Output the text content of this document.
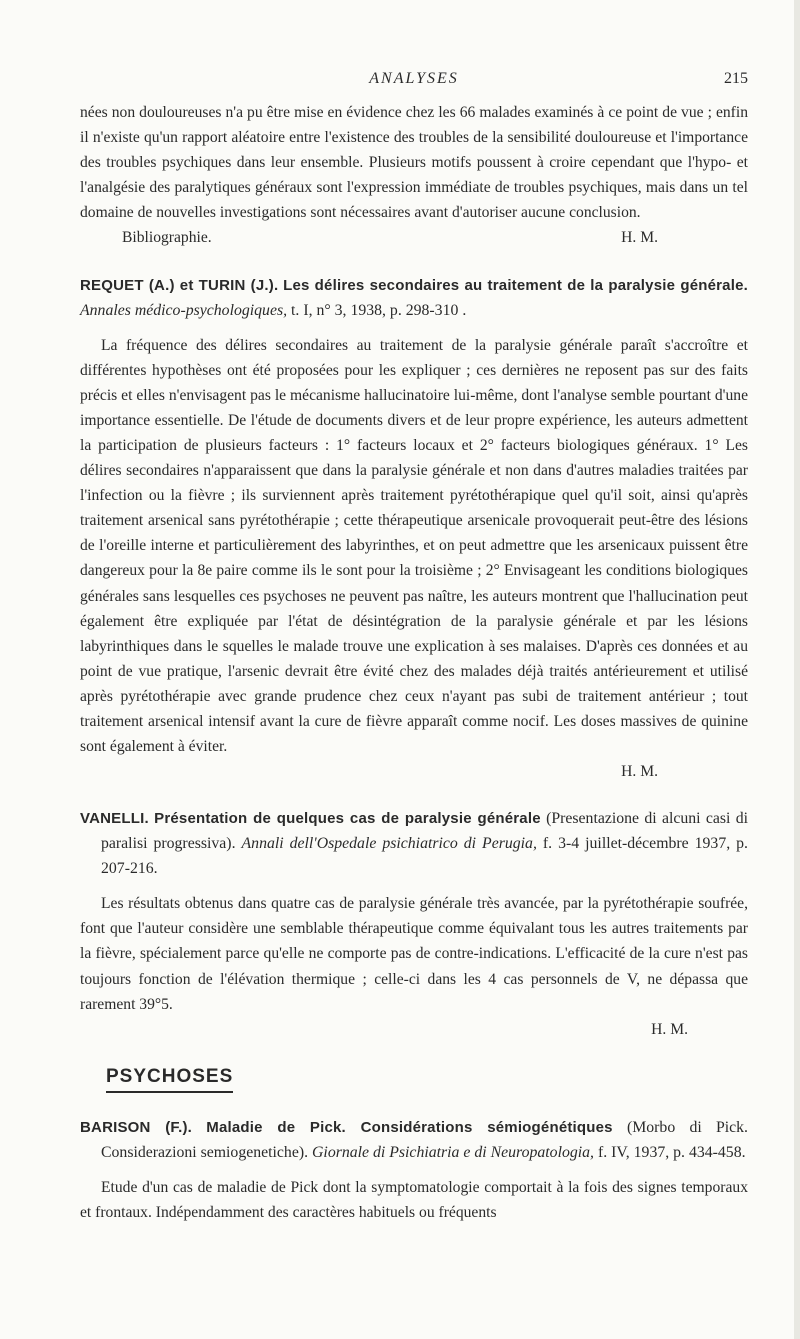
ANALYSES	215

nées non douloureuses n'a pu être mise en évidence chez les 66 malades examinés à ce point de vue ; enfin il n'existe qu'un rapport aléatoire entre l'existence des troubles de la sensibilité douloureuse et l'importance des troubles psychiques dans leur ensemble. Plusieurs motifs poussent à croire cependant que l'hypo- et l'analgésie des paralytiques généraux sont l'expression immédiate de troubles psychiques, mais dans un tel domaine de nouvelles investigations sont nécessaires avant d'autoriser aucune conclusion.

Bibliographie.	H. M.

REQUET (A.) et TURIN (J.). Les délires secondaires au traitement de la paralysie générale. Annales médico-psychologiques, t. I, n° 3, 1938, p. 298-310 .

La fréquence des délires secondaires au traitement de la paralysie générale paraît s'accroître et différentes hypothèses ont été proposées pour les expliquer ; ces dernières ne reposent pas sur des faits précis et elles n'envisagent pas le mécanisme hallucinatoire lui-même, dont l'analyse semble pourtant d'une importance essentielle. De l'étude de documents divers et de leur propre expérience, les auteurs admettent la participation de plusieurs facteurs : 1° facteurs locaux et 2° facteurs biologiques généraux. 1° Les délires secondaires n'apparaissent que dans la paralysie générale et non dans d'autres maladies traitées par l'infection ou la fièvre ; ils surviennent après traitement pyrétothérapique quel qu'il soit, ainsi qu'après traitement arsenical sans pyrétothérapie ; cette thérapeutique arsenicale provoquerait peut-être des lésions de l'oreille interne et particulièrement des labyrinthes, et on peut admettre que les arsenicaux puissent être dangereux pour la 8e paire comme ils le sont pour la troisième ; 2° Envisageant les conditions biologiques générales sans lesquelles ces psychoses ne peuvent pas naître, les auteurs montrent que l'hallucination peut également être expliquée par l'état de désintégration de la paralysie générale et par les lésions labyrinthiques dans le squelles le malade trouve une explication à ses malaises. D'après ces données et au point de vue pratique, l'arsenic devrait être évité chez des malades déjà traités antérieurement et utilisé après pyrétothérapie avec grande prudence chez ceux n'ayant pas subi de traitement antérieur ; tout traitement arsenical intensif avant la cure de fièvre apparaît comme nocif. Les doses massives de quinine sont également à éviter.

H. M.

VANELLI. Présentation de quelques cas de paralysie générale (Presentazione di alcuni casi di paralisi progressiva). Annali dell'Ospedale psichiatrico di Perugia, f. 3-4 juillet-décembre 1937, p. 207-216.

Les résultats obtenus dans quatre cas de paralysie générale très avancée, par la pyrétothérapie soufrée, font que l'auteur considère une semblable thérapeutique comme équivalant tous les autres traitements par la fièvre, spécialement parce qu'elle ne comporte pas de contre-indications. L'efficacité de la cure n'est pas toujours fonction de l'élévation thermique ; celle-ci dans les 4 cas personnels de V, ne dépassa que rarement 39°5.

H. M.

PSYCHOSES

BARISON (F.). Maladie de Pick. Considérations sémiogénétiques (Morbo di Pick. Considerazioni semiogenetiche). Giornale di Psichiatria e di Neuropatologia, f. IV, 1937, p. 434-458.

Etude d'un cas de maladie de Pick dont la symptomatologie comportait à la fois des signes temporaux et frontaux. Indépendamment des caractères habituels ou fréquents
